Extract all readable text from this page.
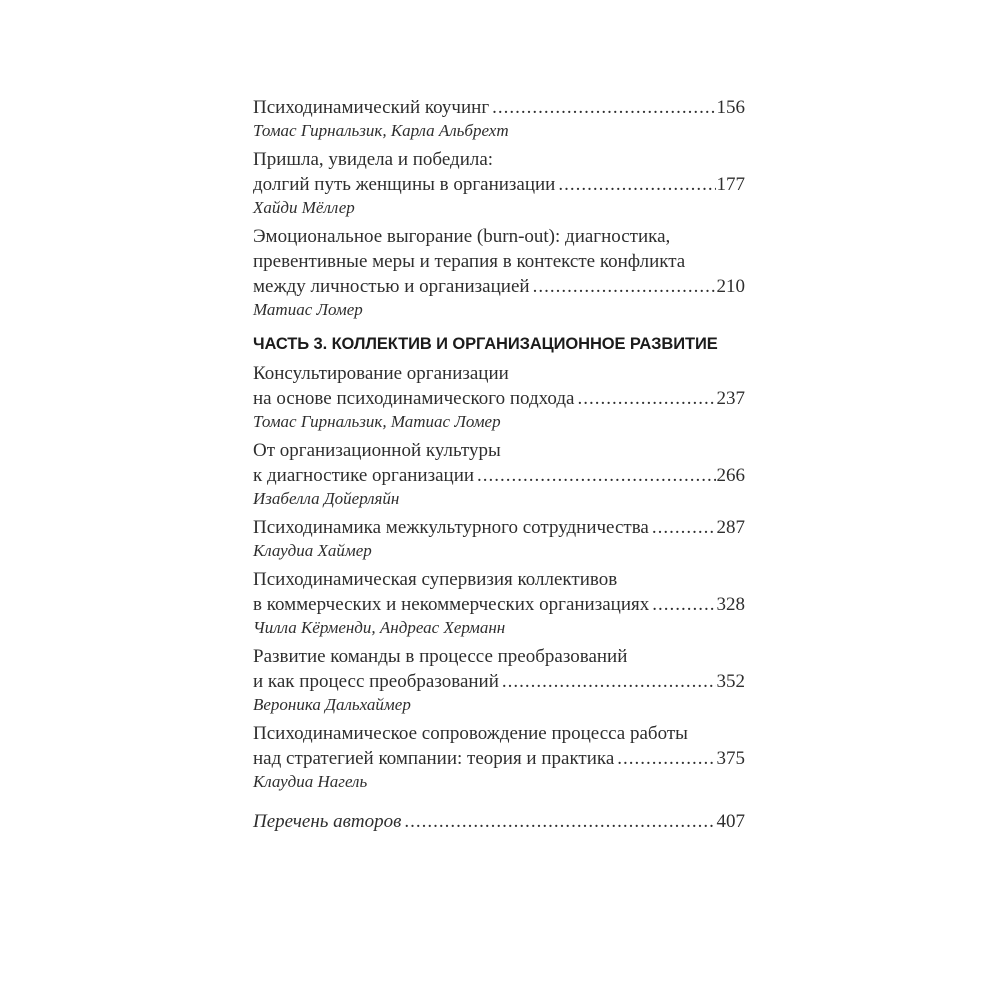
Психодинамический коучинг .....	156
Томас Гирнальзик, Карла Альбрехт
Пришла, увидела и победила:
долгий путь женщины в организации .....	177
Хайди Мёллер
Эмоциональное выгорание (burn-out): диагностика,
превентивные меры и терапия в контексте конфликта
между личностью и организацией .....	210
Матиас Ломер
ЧАСТЬ 3. КОЛЛЕКТИВ И ОРГАНИЗАЦИОННОЕ РАЗВИТИЕ
Консультирование организации
на основе психодинамического подхода .....	237
Томас Гирнальзик, Матиас Ломер
От организационной культуры
к диагностике организации .....	266
Изабелла Дойерляйн
Психодинамика межкультурного сотрудничества .....	287
Клаудиа Хаймер
Психодинамическая супервизия коллективов
в коммерческих и некоммерческих организациях .....	328
Чилла Кёрменди, Андреас Херманн
Развитие команды в процессе преобразований
и как процесс преобразований .....	352
Вероника Дальхаймер
Психодинамическое сопровождение процесса работы
над стратегией компании: теория и практика .....	375
Клаудиа Нагель
Перечень авторов .....	407
